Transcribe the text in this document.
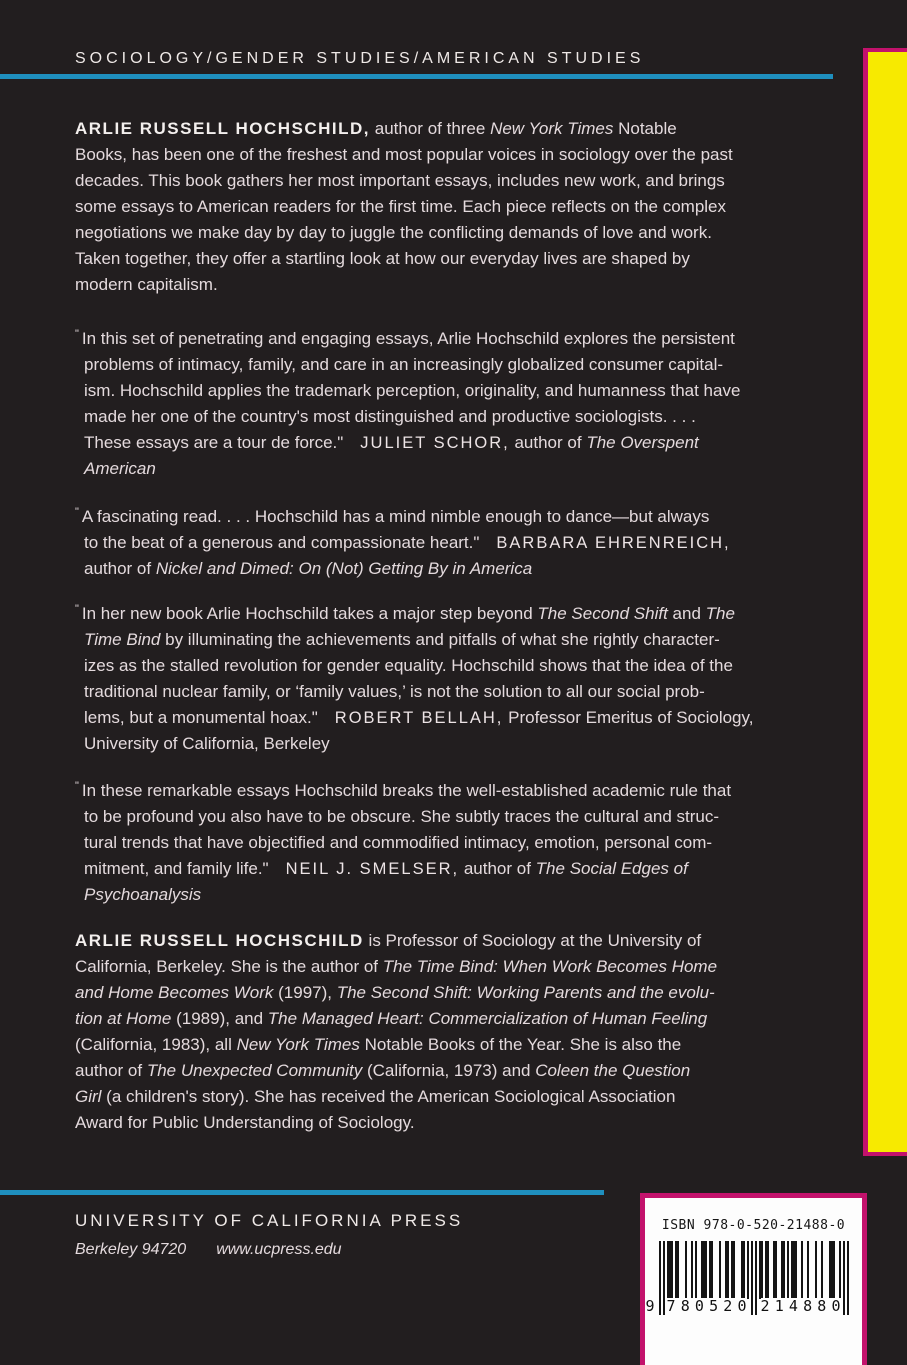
SOCIOLOGY/GENDER STUDIES/AMERICAN STUDIES
ARLIE RUSSELL HOCHSCHILD, author of three New York Times Notable
Books, has been one of the freshest and most popular voices in sociology over the past
decades. This book gathers her most important essays, includes new work, and brings
some essays to American readers for the first time. Each piece reflects on the complex
negotiations we make day by day to juggle the conflicting demands of love and work.
Taken together, they offer a startling look at how our everyday lives are shaped by
modern capitalism.
" In this set of penetrating and engaging essays, Arlie Hochschild explores the persistent
problems of intimacy, family, and care in an increasingly globalized consumer capital-
ism. Hochschild applies the trademark perception, originality, and humanness that have
made her one of the country's most distinguished and productive sociologists. . . .
These essays are a tour de force."  JULIET SCHOR, author of The Overspent
American
" A fascinating read. . . . Hochschild has a mind nimble enough to dance—but always
to the beat of a generous and compassionate heart."  BARBARA EHRENREICH,
author of Nickel and Dimed: On (Not) Getting By in America
" In her new book Arlie Hochschild takes a major step beyond The Second Shift and The
Time Bind by illuminating the achievements and pitfalls of what she rightly character-
izes as the stalled revolution for gender equality. Hochschild shows that the idea of the
traditional nuclear family, or ‘family values,’ is not the solution to all our social prob-
lems, but a monumental hoax."  ROBERT BELLAH, Professor Emeritus of Sociology,
University of California, Berkeley
" In these remarkable essays Hochschild breaks the well-established academic rule that
to be profound you also have to be obscure. She subtly traces the cultural and struc-
tural trends that have objectified and commodified intimacy, emotion, personal com-
mitment, and family life."  NEIL J. SMELSER, author of The Social Edges of
Psychoanalysis
ARLIE RUSSELL HOCHSCHILD is Professor of Sociology at the University of
California, Berkeley. She is the author of The Time Bind: When Work Becomes Home
and Home Becomes Work (1997), The Second Shift: Working Parents and the evolu-
tion at Home (1989), and The Managed Heart: Commercialization of Human Feeling
(California, 1983), all New York Times Notable Books of the Year. She is also the
author of The Unexpected Community (California, 1973) and Coleen the Question
Girl (a children's story). She has received the American Sociological Association
Award for Public Understanding of Sociology.
UNIVERSITY OF CALIFORNIA PRESS
Berkeley 94720 www.ucpress.edu
ISBN 978-0-520-21488-0
9 7 8 0 5 2 0 2 1 4 8 8 0
